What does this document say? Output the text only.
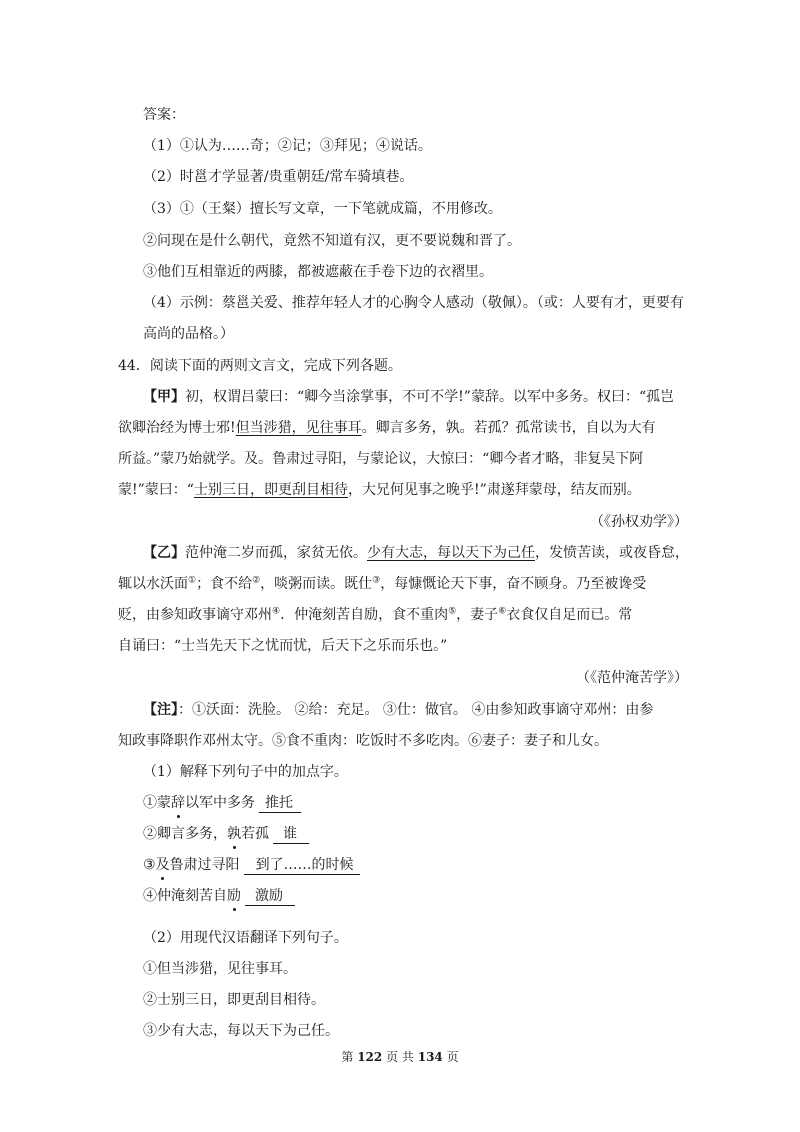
答案：
（1）①认为……奇；②记；③拜见；④说话。
（2）时邕才学显著/贵重朝廷/常车骑填巷。
（3）①（王粲）擅长写文章，一下笔就成篇，不用修改。
②问现在是什么朝代，竟然不知道有汉，更不要说魏和晋了。
③他们互相靠近的两膝，都被遮蔽在手卷下边的衣褶里。
（4）示例：蔡邕关爱、推荐年轻人才的心胸令人感动（敬佩）。（或：人要有才，更要有
高尚的品格。）
44．阅读下面的两则文言文，完成下列各题。
【甲】初，权谓吕蒙曰：“卿今当涂掌事，不可不学!”蒙辞。以军中多务。权曰：“孤岂
欲卿治经为博士邪!但当涉猎，见往事耳。卿言多务，孰。若孤？孤常读书，自以为大有
所益。”蒙乃始就学。及。鲁肃过寻阳，与蒙论议，大惊曰：“卿今者才略，非复吴下阿
蒙!”蒙曰：“士别三日，即更刮目相待，大兄何见事之晚乎!”肃遂拜蒙母，结友而别。
（《孙权劝学》）
【乙】范仲淹二岁而孤，家贫无依。少有大志，每以天下为己任，发愤苦读，或夜昏怠，
辄以水沃面①；食不给②，啖粥而读。既仕③，每慷慨论天下事，奋不顾身。乃至被谗受
贬，由参知政事谪守邓州④．仲淹刻苦自励，食不重肉⑤，妻子⑥衣食仅自足而已。常
自诵曰：“士当先天下之忧而忧，后天下之乐而乐也。”
（《范仲淹苦学》）
【注】：①沃面：洗脸。 ②给：充足。 ③仕：做官。 ④由参知政事谪守邓州：由参
知政事降职作邓州太守。⑤食不重肉：吃饭时不多吃肉。⑥妻子：妻子和儿女。
（1）解释下列句子中的加点字。
①蒙辞以军中多务 推托
②卿言多务，孰若孤 谁
③及鲁肃过寻阳 到了……的时候
④仲淹刻苦自励 激励
（2）用现代汉语翻译下列句子。
①但当涉猎，见往事耳。
②士别三日，即更刮目相待。
③少有大志，每以天下为己任。
第 122 页 共 134 页
